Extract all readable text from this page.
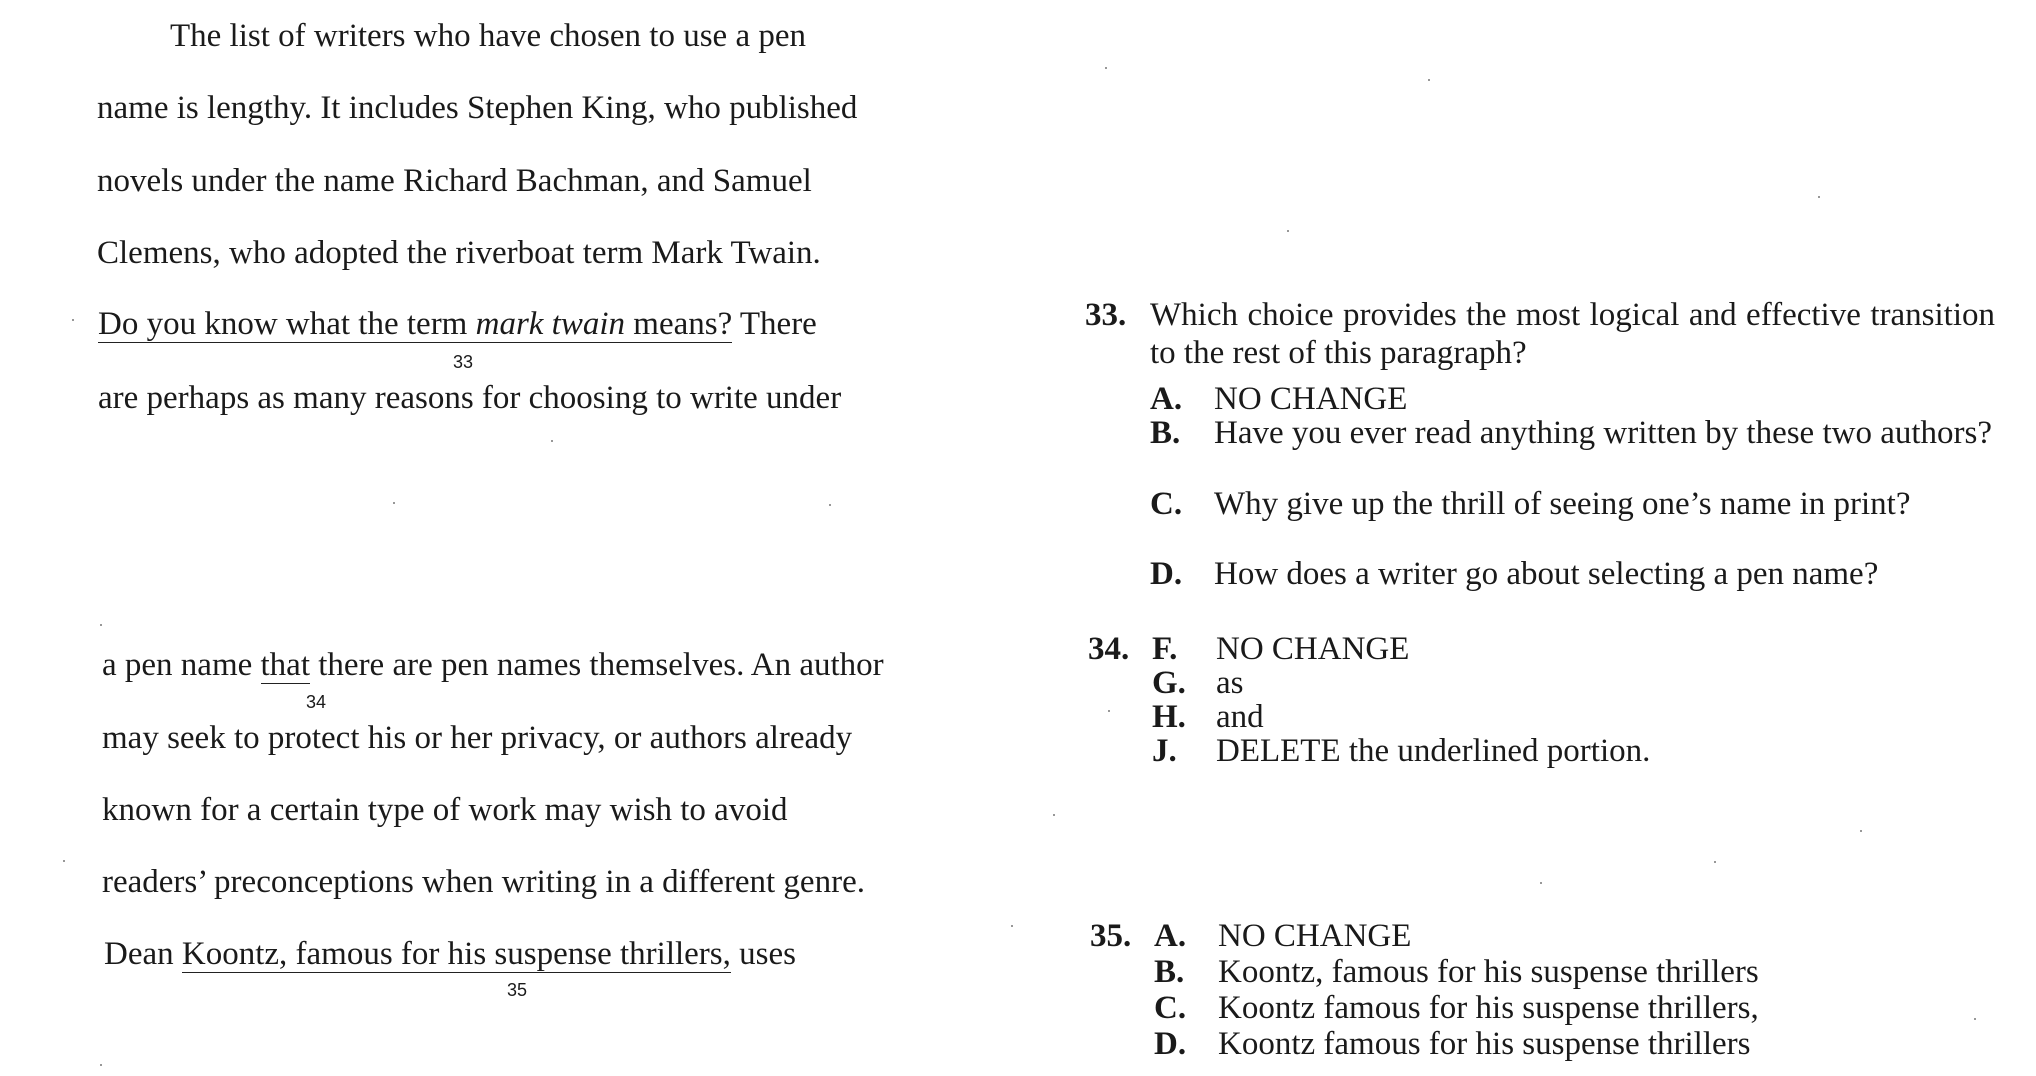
The list of writers who have chosen to use a pen
name is lengthy. It includes Stephen King, who published
novels under the name Richard Bachman, and Samuel
Clemens, who adopted the riverboat term Mark Twain.
Do you know what the term mark twain means? There
33
are perhaps as many reasons for choosing to write under
a pen name that there are pen names themselves. An author
34
may seek to protect his or her privacy, or authors already
known for a certain type of work may wish to avoid
readers’ preconceptions when writing in a different genre.
Dean Koontz, famous for his suspense thrillers, uses
35
33. Which choice provides the most logical and effective transition to the rest of this paragraph?
A. NO CHANGE
B. Have you ever read anything written by these two authors?
C. Why give up the thrill of seeing one’s name in print?
D. How does a writer go about selecting a pen name?
34. F. NO CHANGE
G. as
H. and
J. DELETE the underlined portion.
35. A. NO CHANGE
B. Koontz, famous for his suspense thrillers
C. Koontz famous for his suspense thrillers,
D. Koontz famous for his suspense thrillers
